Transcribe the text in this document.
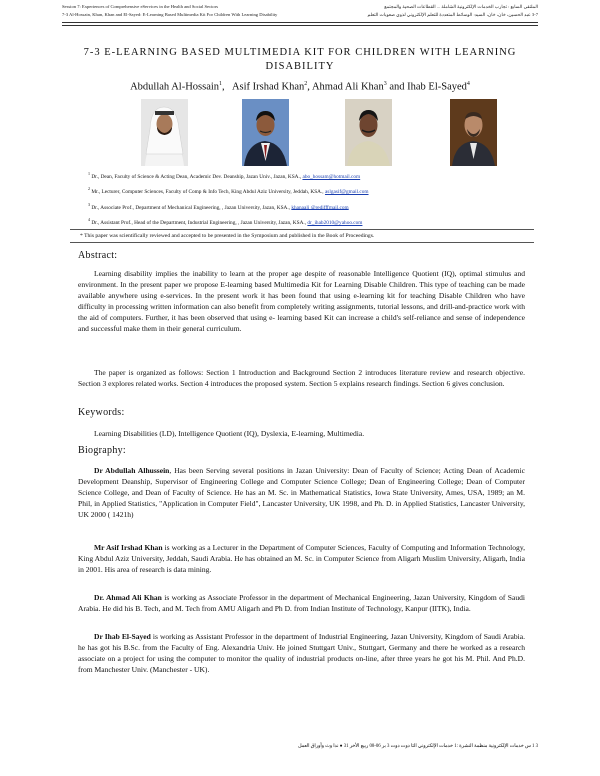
Session 7: Experiences of Comprehensive eServices in the Health and Social Sectors	الملتقى السابع : تجارب الخدمات الإلكترونية الشاملة ... القطاعات الصحية والمجتمع
7-3 Al-Hossain, Khan, Khan and El-Sayed: E-Learning Based Multimedia Kit For Children With Learning Disability	3-7 عبد الحسين، خان، خان، السيد: الوسائط المتعددة للتعلم الإلكتروني لذوي صعوبات التعلم
7-3 E-LEARNING BASED MULTIMEDIA KIT FOR CHILDREN WITH LEARNING DISABILITY
Abdullah Al-Hossain$^1$,   Asif Irshad Khan$^2$, Ahmad Ali Khan$^3$ and Ihab El-Sayed$^4$
$^1$ Dr., Dean, Faculty of Science & Acting Dean, Academic Dev. Deanship, Jazan Univ., Jazan, KSA., abo_hossam@hotmail.com
$^2$ Mr., Lecturer, Computer Sciences, Faculty of Comp & Info Tech, King Abdul Aziz University, Jeddah, KSA., aslgasif@gmail.com
$^3$ Dr., Associate Prof., Department of Mechanical Engineering, , Jazan University, Jazan, KSA., khanaali @redifffmail.com
$^4$ Dr., Assistant Prof., Head of the Department, Industrial Engineering, , Jazan University, Jazan, KSA., dr_ihab2010@yahoo.com
* This paper was scientifically reviewed and accepted to be presented in the Symposium and published in the Book of Proceedings.
Abstract:
Learning disability implies the inability to learn at the proper age despite of reasonable Intelligence Quotient (IQ), optimal stimulus and environment. In the present paper we propose E-learning based Multimedia Kit for Learning Disable Children. This type of teaching can be made available anywhere using e-services. In the present work it has been found that using e-learning kit for teaching Disable Children who have difficulty in processing written information can also benefit from completely writing assignments, tutorial lessons, and drill-and-practice work with the aid of computers. Further, it has been observed that using e- learning based Kit can increase a child's self-reliance and sense of independence and successful make them in their general curriculum.
The paper is organized as follows: Section 1 Introduction and Background Section 2 introduces literature review and research objective. Section 3 explores related works. Section 4 introduces the proposed system. Section 5 explains research findings. Section 6 gives conclusion.
Keywords:
Learning Disabilities (LD), Intelligence Quotient (IQ), Dyslexia, E-learning, Multimedia.
Biography:
Dr Abdullah Alhussein, Has been Serving several positions in Jazan University: Dean of Faculty of Science; Acting Dean of Academic Development Deanship, Supervisor of Engineering College and Computer Science College; Dean of Engineering College; Dean of Computer Science College, and Dean of Faculty of Science. He has an M. Sc. in Mathematical Statistics, Iowa State University, Ames, USA, 1989; an M. Phil, in Applied Statistics, "Application in Computer Field", Lancaster University, UK 1998, and Ph. D. in Applied Statistics, Lancaster University, UK 2000 ( 1421h)
Mr Asif Irshad Khan is working as a Lecturer in the Department of Computer Sciences, Faculty of Computing and Information Technology, King Abdul Aziz University, Jeddah, Saudi Arabia. He has obtained an M. Sc. in Computer Science from Aligarh Muslim University, Aligarh, India in 2001. His area of research is data mining.
Dr. Ahmad Ali Khan is working as Associate Professor in the department of Mechanical Engineering, Jazan University, Kingdom of Saudi Arabia. He did his B. Tech, and M. Tech from AMU Aligarh and Ph D. from Indian Institute of Technology, Kanpur (IITK), India.
Dr Ihab El-Sayed is working as Assistant Professor in the department of Industrial Engineering, Jazan University, Kingdom of Saudi Arabia. he has got his B.Sc. from the Faculty of Eng. Alexandria Univ. He joined Stuttgart Univ., Stuttgart, Germany and there he worked as a research associate on a project for using the computer to monitor the quality of industrial products on-line, after three years he got his M. Phil. And Ph.D. from Manchester Univ. (Manchester - UK).
3 1 س خدمات الإلكترونية منظمة النشرة :1 خدمات الإلكتروني الثا دوت دوت 3 بر 06-08 ربيع الأخر 31 ● ندا وث وأوراق العمل
